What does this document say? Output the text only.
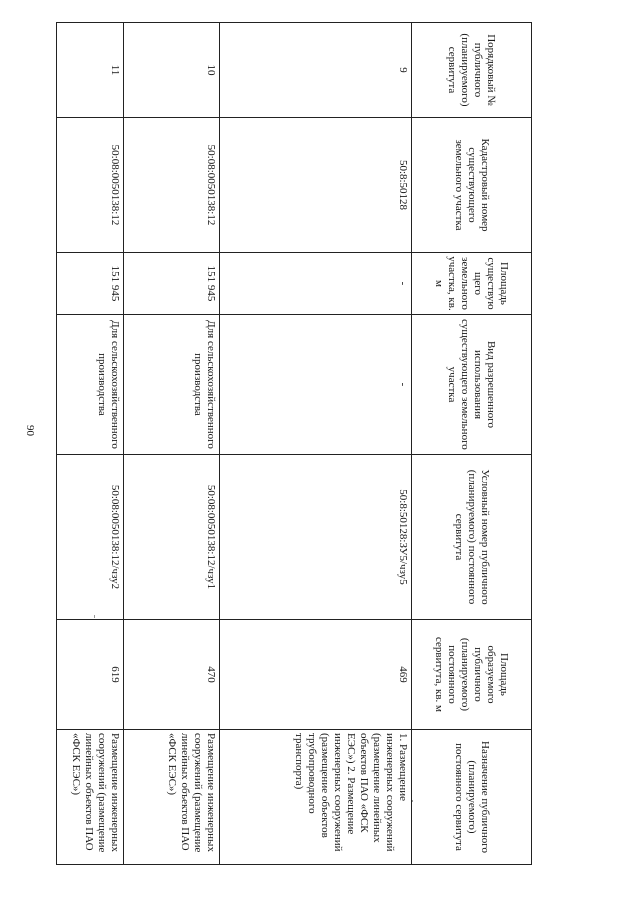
90
Порядковый № публичного (планируемого) сервитута	Кадастровый номер существующего земельного участка	Площадь существую щего земельного участка, кв. м	Вид разрешенного использования существующего земельного участка	Условный номер публичного (планируемого) постоянного сервитута	Площадь образуемого публичного (планируемого) постоянного сервитута, кв. м	Назначение публичного (планируемого) постоянного сервитута
9	50:8:50128	-	-	50:8:50128:ЗУ5/чзу5	469	1. Размещение инженерных сооружений (размещение линейных объектов ПАО «ФСК ЕЭС») 2. Размещение инженерных сооружений (размещение объектов трубопроводного транспорта)
10	50:08:0050138:12	151 945	Для сельскохозяйственного производства	50:08:0050138:12/чзу1	470	Размещение инженерных сооружений (размещение линейных объектов ПАО «ФСК ЕЭС»)
11	50:08:0050138:12	151 945	Для сельскохозяйственного производства	50:08:0050138:12/чзу2	619	Размещение инженерных сооружений (размещение линейных объектов ПАО «ФСК ЕЭС»)
